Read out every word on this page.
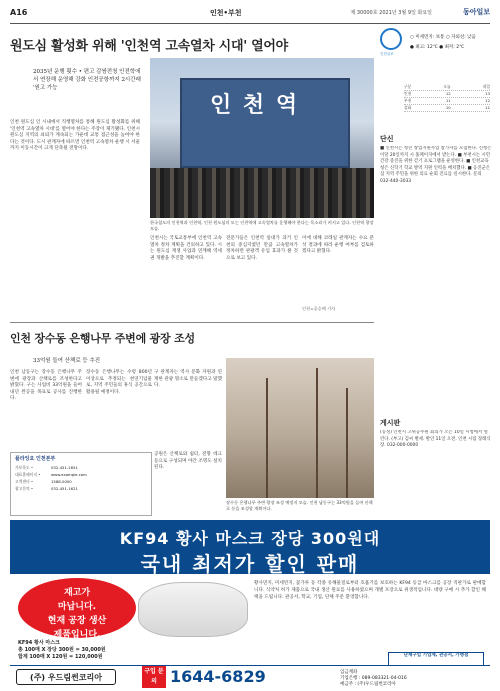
A16	인천•부천	제 30000호 2021년 3월 9일 화요일	동아일보
원도심 활성화 위해 '인천역 고속열차 시대' 열어야
2035년 운행 횟수 • 편고 감쌍전청 인전학에서 연장해 운영해 강화 인전공항까지 2시간래 '원고 가능
인 천 역
한국철도의 인천역과 인천역, 인천 원도심의 모는 인천역에 고속열차를 운행해야 한다는 목소리가 커지고 있다. 인천역 광장 모습.
인천 원도심 인 시내에서 직행열차를 통해 원도심 활성화를 위해 '인천역 고속열차 시대'를 열어야 한다는 주장이 제기됐다. 인천시 원도심 지역의 쇠퇴가 계속되는 가운데 교통 접근성을 높여야 한다는 것이다. 도시 관계자에 따르면 인천역 고속열차 운행 시 서울까지 이동시간이 크게 단축될 전망이다.
인천시는 국토교통부에 인천역 고속열차 정차 계획을 건의하고 있다. 시는 원도심 재생 사업과 연계해 역세권 개발을 추진할 계획이다.
전문가들은 인천역 일대가 과거 인천의 중심지였던 만큼 고속열차가 정차하면 관광객 유입 효과가 클 것으로 보고 있다.
이에 대해 코레일 관계자는 수요 분석 결과에 따라 운행 여부를 검토하겠다고 밝혔다.
인천=공승배 기자
인천일보
○ 미세먼지: 보통 ○ 자외선: 낮음
● 최고: 12℃ ● 최저: 2℃
구분	오늘	내일
인천	12	13
부천	11	12
강화	10	11
단신
■ 인천시는 청년 창업지원사업 참가자를 모집한다. 신청은 이달 20일까지 시 홈페이지에서 받는다. ■ 부천시는 시민 건강 증진을 위한 걷기 프로그램을 운영한다. ■ 인천교육청은 신학기 학교 방역 지원 인력을 배치했다. ■ 옹진군은 섬 지역 주민을 위한 의료 순회 진료를 실시한다. 문의 032-440-3033
게시판
(동정) 인천시 고위공무원 회의가 오는 10일 시청에서 열린다. (부고) 김씨 별세. 발인 11일 오전. 인천 시립 장례식장. 032-000-0000
인천 장수동 은행나무 주변에 광장 조성
33억원 들여 산책로 등 추진
인천 남동구는 장수동 은행나무 주변에 광장과 산책로를 조성한다고 밝혔다. 구는 사업비 33억원을 들여 내년 완공을 목표로 공사를 진행한다.
장수동 은행나무는 수령 800년 이상으로 추정되는 천연기념물로, 지역 주민들의 휴식 공간으로 활용될 예정이다.
구 관계자는 역사 문화 자원과 연계한 관광 명소로 만들겠다고 말했다.
플라잉요 인천본부
가보육도 •	032-451-1651
대표홈페이지 •	www.example.com
고객센터 •	1588-0000
광고문의 •	032-451-1621
공원은 산책로와 쉼터, 전망 데크 등으로 구성되며 야간 조명도 설치된다.
장수동 은행나무 주변 광장 조성 예정지 모습. 인천 남동구는 33억원을 들여 산책로 등을 조성할 계획이다.
KF94 황사 마스크 장당 300원대
국내 최저가 할인 판매
재고가
마납니다.
현재 공장 생산
제품입니다.
황사먼지, 미세먼지, 꽃가루 등 각종 유해물질로부터 호흡기를 보호하는 KF94 등급 마스크를 공장 직판가로 판매합니다. 식약처 허가 제품으로 국내 생산 원료를 사용하였으며 개별 포장으로 위생적입니다. 대량 구매 시 추가 할인 혜택을 드립니다. 관공서, 학교, 기업, 단체 주문 환영합니다.
KF94 황사 마스크
총 100매 X 장당 300원 = 30,000원
합계 100매 X 120원 = 120,000원	단체구입 기업체, 관공서, 가맹점
(주) 우드림썬코리아
구입 문의 1644-6829	입금계좌
기업은행 : 089-083321-04-016
예금주 : (주)우드림썬코리아
